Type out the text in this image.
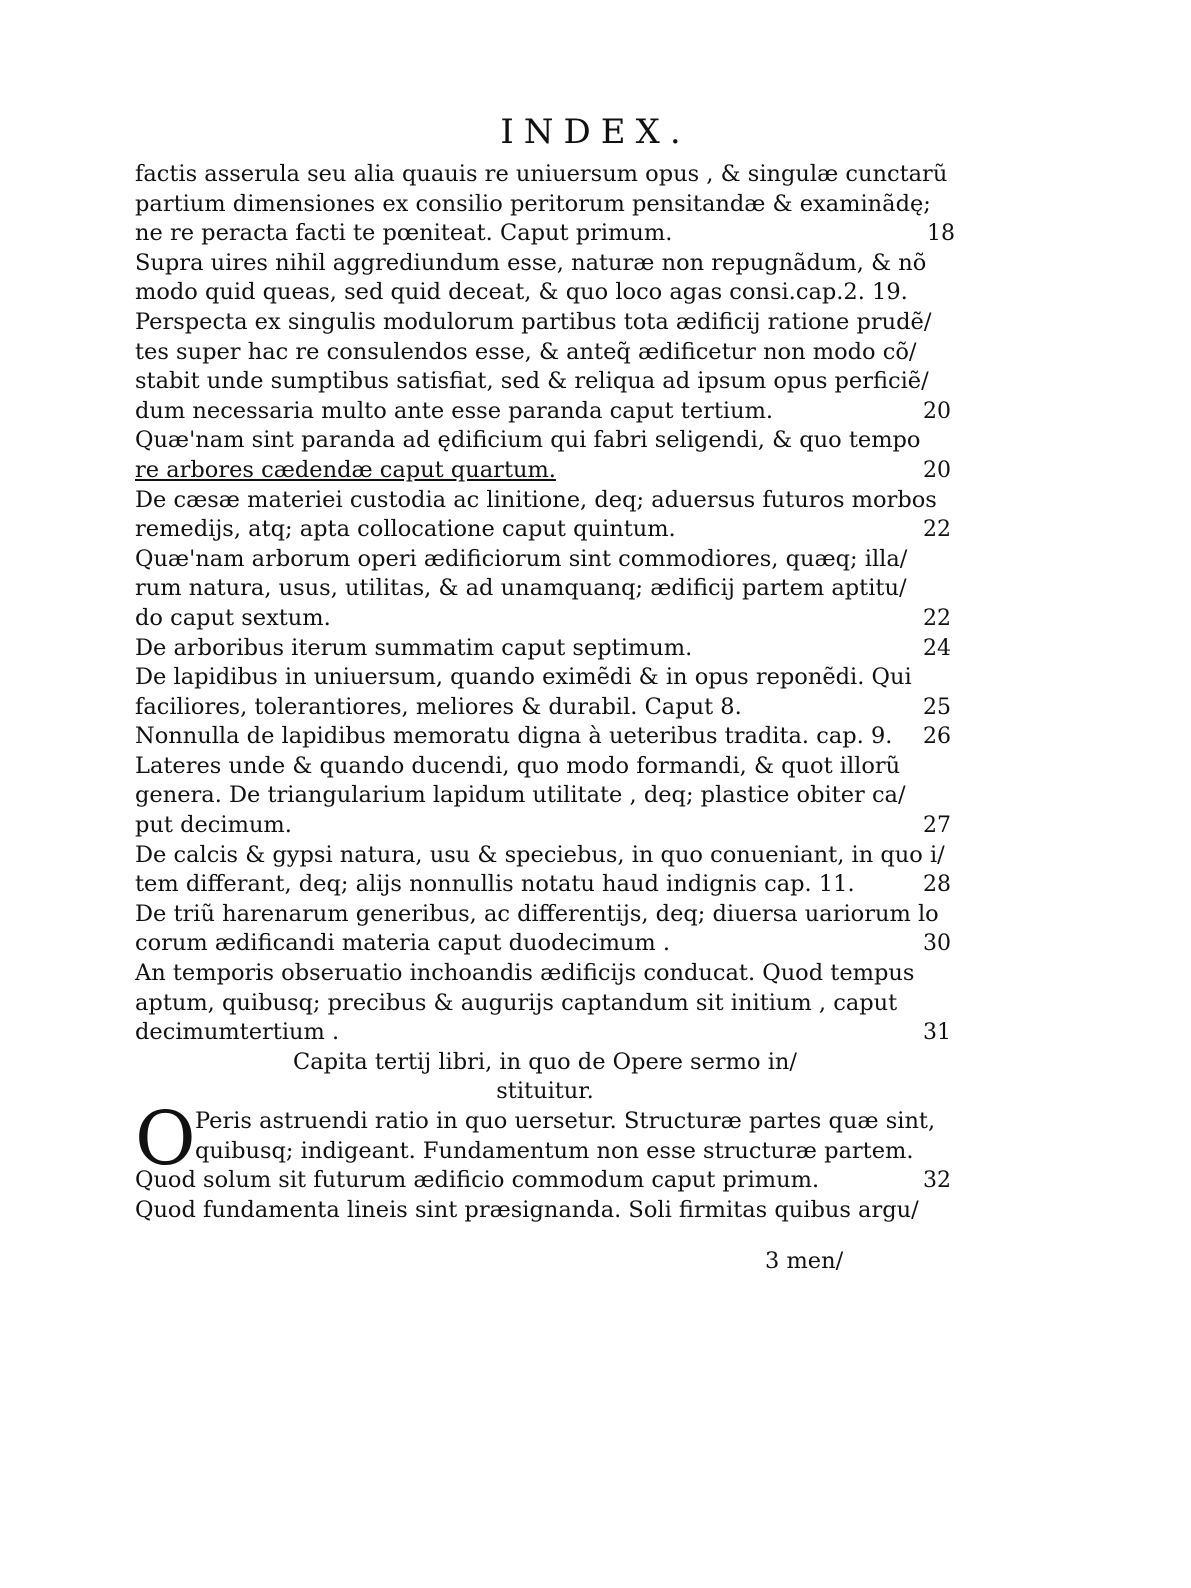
INDEX.
factis asserula seu alia quauis re uniuersum opus , & singulæ cunctarũ
partium dimensiones ex consilio peritorum pensitandæ & examinãdę;
ne re peracta facti te pœniteat. Caput primum.	18
Supra uires nihil aggrediundum esse, naturæ non repugnãdum, & nõ
modo quid queas, sed quid deceat, & quo loco agas consi.cap.2. 19.
Perspecta ex singulis modulorum partibus tota ædificij ratione prudẽ/
tes super hac re consulendos esse, & anteq̃ ædificetur non modo cõ/
stabit unde sumptibus satisfiat, sed & reliqua ad ipsum opus perficiẽ/
dum necessaria multo ante esse paranda caput tertium.	20
Quæ'nam sint paranda ad ędificium qui fabri seligendi, & quo tempo
re arbores cædendæ caput quartum.	20
De cæsæ materiei custodia ac linitione, deq; aduersus futuros morbos
remedijs, atq; apta collocatione caput quintum.	22
Quæ'nam arborum operi ædificiorum sint commodiores, quæq; illa/
rum natura, usus, utilitas, & ad unamquanq; ædificij partem aptitu/
do caput sextum.	22
De arboribus iterum summatim caput septimum.	24
De lapidibus in uniuersum, quando eximẽdi & in opus reponẽdi. Qui
faciliores, tolerantiores, meliores & durabil. Caput 8.	25
Nonnulla de lapidibus memoratu digna à ueteribus tradita. cap. 9. 26
Lateres unde & quando ducendi, quo modo formandi, & quot illorũ
genera. De triangularium lapidum utilitate , deq; plastice obiter ca/
put decimum.	27
De calcis & gypsi natura, usu & speciebus, in quo conueniant, in quo i/
tem differant, deq; alijs nonnullis notatu haud indignis cap. 11.	28
De triũ harenarum generibus, ac differentijs, deq; diuersa uariorum lo
corum ædificandi materia caput duodecimum .	30
An temporis obseruatio inchoandis ædificijs conducat. Quod tempus
aptum, quibusq; precibus & augurijs captandum sit initium , caput
decimumtertium .	31
Capita tertij libri, in quo de Opere sermo in/
stituitur.
O Peris astruendi ratio in quo uersetur. Structuræ partes quæ sint,
quibusq; indigeant. Fundamentum non esse structuræ partem.
Quod solum sit futurum ædificio commodum caput primum.	32
Quod fundamenta lineis sint præsignanda. Soli firmitas quibus argu/
3 men/
